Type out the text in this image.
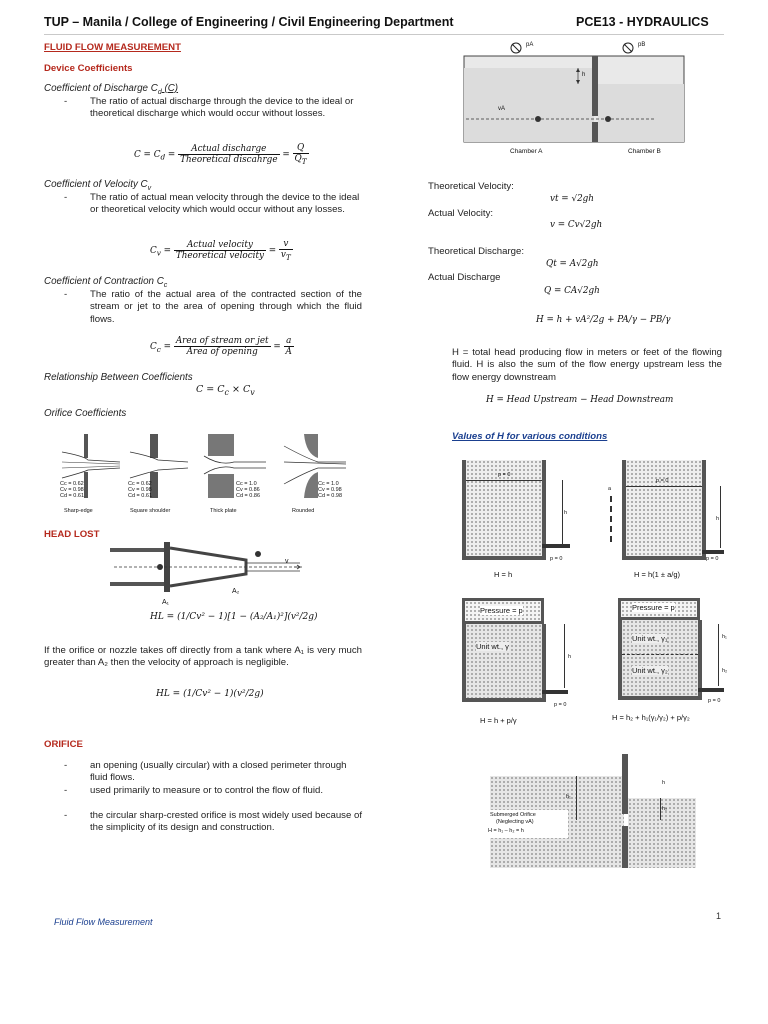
TUP – Manila / College of Engineering / Civil Engineering Department	PCE13 - HYDRAULICS
FLUID FLOW MEASUREMENT
Device Coefficients
Coefficient of Discharge $C_d$ (C)
- The ratio of actual discharge through the device to the ideal or theoretical discharge which would occur without losses.
$C = C_d = \frac{\text{Actual discharge}}{\text{Theoretical discahrge}} = \frac{Q}{Q_T}$
Coefficient of Velocity $C_v$
- The ratio of actual mean velocity through the device to the ideal or theoretical velocity which would occur without any losses.
$C_v = \frac{\text{Actual velocity}}{\text{Theoretical velocity}} = \frac{v}{v_T}$
Coefficient of Contraction $C_c$
- The ratio of the actual area of the contracted section of the stream or jet to the area of opening through which the fluid flows.
$C_c = \frac{\text{Area of stream or jet}}{\text{Area of opening}} = \frac{a}{A}$
Relationship Between Coefficients
$C = C_c \times C_v$
Orifice Coefficients
Cc = 0.62
Cv = 0.98
Cd = 0.61
Sharp-edge
Cc = 0.62
Cv = 0.98
Cd = 0.61
Square shoulder
Cc = 1.0
Cv = 0.86
Cd = 0.86
Thick plate
Cc = 1.0
Cv = 0.98
Cd = 0.98
Rounded
HEAD LOST
v
A₂
A₁
HL = (1/Cv² − 1)[1 − (A₂/A₁)²](v²/2g)
If the orifice or nozzle takes off directly from a tank where A₁ is very much greater than A₂ then the velocity of approach is negligible.
HL = (1/Cv² − 1)(v²/2g)
ORIFICE
- an opening (usually circular) with a closed perimeter through fluid flows.
- used primarily to measure or to control the flow of fluid.
- the circular sharp-crested orifice is most widely used because of the simplicity of its design and construction.
pA	pB
h
vA
Chamber A	Chamber B
Theoretical Velocity:
vt = √2gh
Actual Velocity:
v = Cv√2gh
Theoretical Discharge:
Qt = A√2gh
Actual Discharge
Q = CA√2gh
H = h + vA²/2g + PA/γ − PB/γ
H = total head producing flow in meters or feet of the flowing fluid. H is also the sum of the flow energy upstream less the flow energy downstream
H = Head Upstream − Head Downstream
Values of H for various conditions
p = 0
h
p = 0
H = h
a
p = 0
h
p = 0
H = h(1 ± a/g)
Pressure = p
Unit wt., γ
h
p = 0
H = h + p/γ
Pressure = p
Unit wt., γ₁
Unit wt., γ₂
h₁
h₂
p = 0
H = h₂ + h₁(γ₁/γ₂) + p/γ₂
h₁
h₂
h
Submerged Orifice
(Neglecting vA)
H = h₁ – h₂ = h
Fluid Flow Measurement
1
